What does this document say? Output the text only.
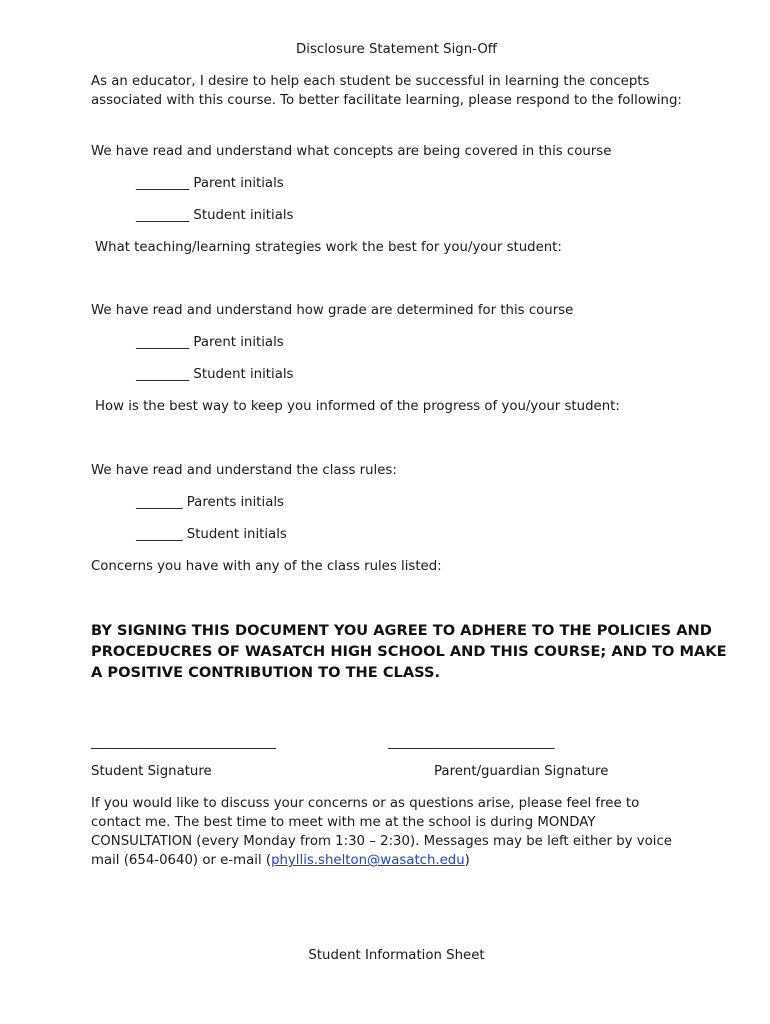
Disclosure Statement Sign-Off
As an educator, I desire to help each student be successful in learning the concepts associated with this course. To better facilitate learning, please respond to the following:
We have read and understand what concepts are being covered in this course
________ Parent initials
________ Student initials
What teaching/learning strategies work the best for you/your student:
We have read and understand how grade are determined for this course
________ Parent initials
________ Student initials
How is the best way to keep you informed of the progress of you/your student:
We have read and understand the class rules:
_______ Parents initials
_______ Student initials
Concerns you have with any of the class rules listed:
BY SIGNING THIS DOCUMENT YOU AGREE TO ADHERE TO THE POLICIES AND PROCEDUCRES OF WASATCH HIGH SCHOOL AND THIS COURSE; AND TO MAKE A POSITIVE CONTRIBUTION TO THE CLASS.
______________________________	___________________________
Student Signature	Parent/guardian Signature
If you would like to discuss your concerns or as questions arise, please feel free to contact me. The best time to meet with me at the school is during MONDAY CONSULTATION (every Monday from 1:30 – 2:30). Messages may be left either by voice mail (654-0640) or e-mail (phyllis.shelton@wasatch.edu)
Student Information Sheet
